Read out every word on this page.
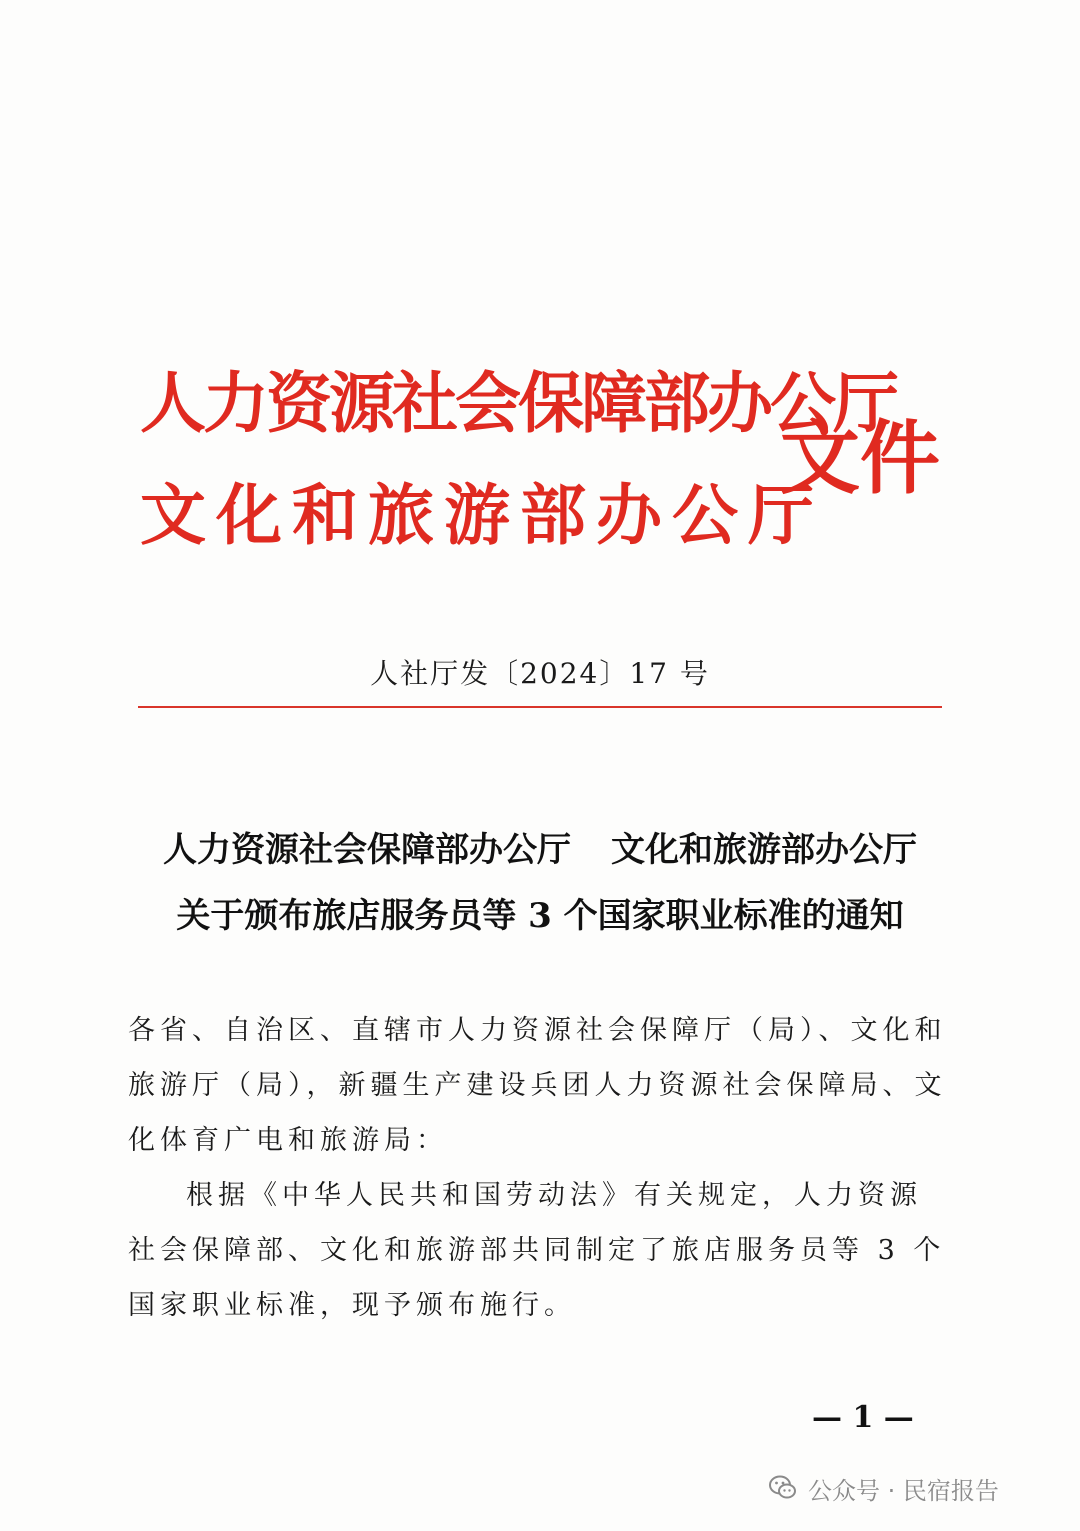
人力资源社会保障部办公厅
文化和旅游部办公厅
文件
人社厅发〔2024〕17 号
人力资源社会保障部办公厅 文化和旅游部办公厅
关于颁布旅店服务员等 3 个国家职业标准的通知

各省、自治区、直辖市人力资源社会保障厅（局）、文化和旅游厅（局），新疆生产建设兵团人力资源社会保障局、文化体育广电和旅游局：

根据《中华人民共和国劳动法》有关规定，人力资源社会保障部、文化和旅游部共同制定了旅店服务员等 3 个国家职业标准，现予颁布施行。

— 1 —
公众号 · 民宿报告
